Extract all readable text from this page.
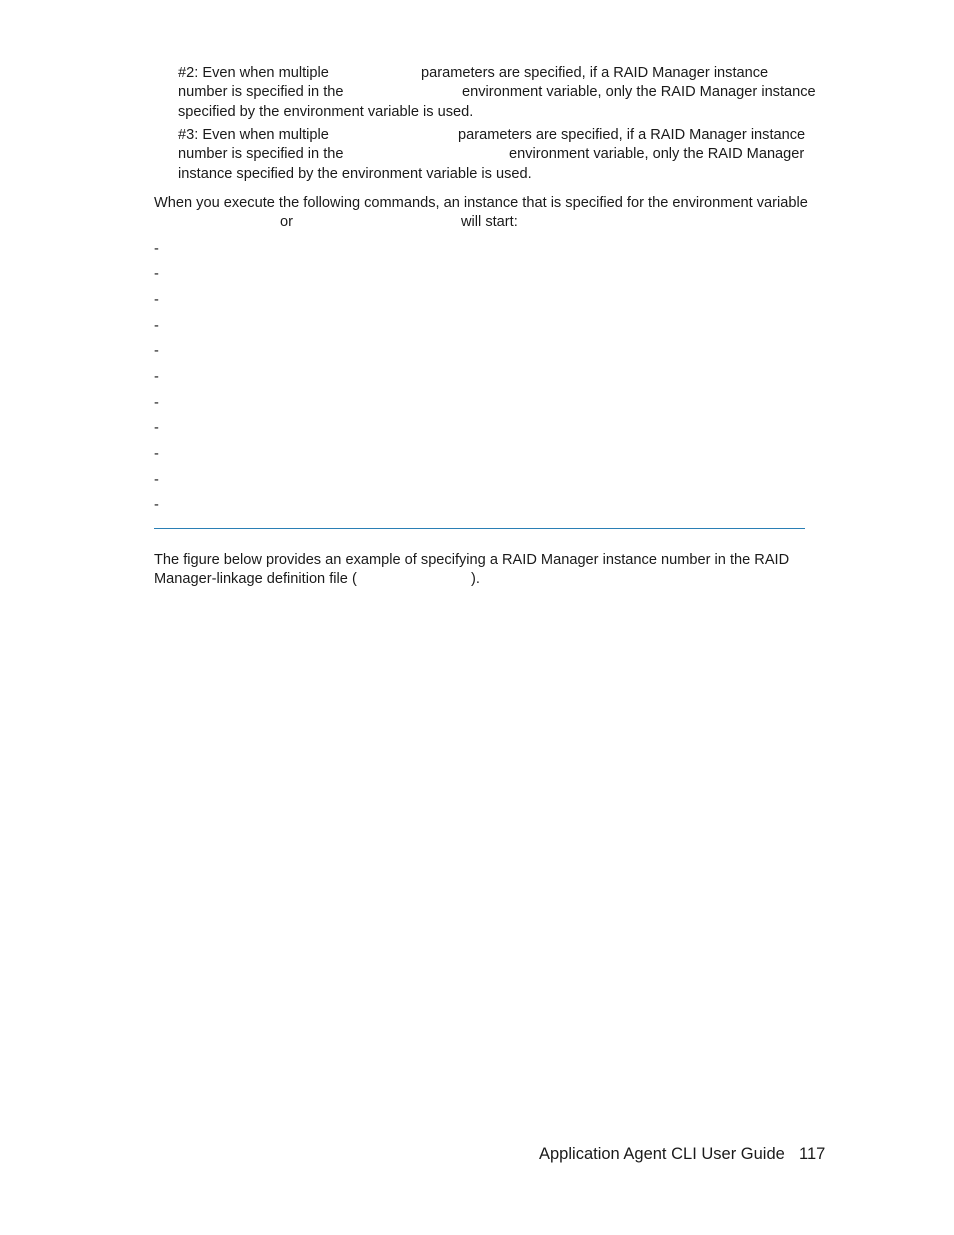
#2: Even when multiple	parameters are specified, if a RAID Manager instance
number is specified in the	environment variable, only the RAID Manager instance
specified by the environment variable is used.
#3: Even when multiple	parameters are specified, if a RAID Manager instance
number is specified in the	environment variable, only the RAID Manager
instance specified by the environment variable is used.
When you execute the following commands, an instance that is specified for the environment variable
or	will start:
-
-
-
-
-
-
-
-
-
-
-
The figure below provides an example of specifying a RAID Manager instance number in the RAID
Manager-linkage definition file (	).
Application Agent CLI User Guide 117
